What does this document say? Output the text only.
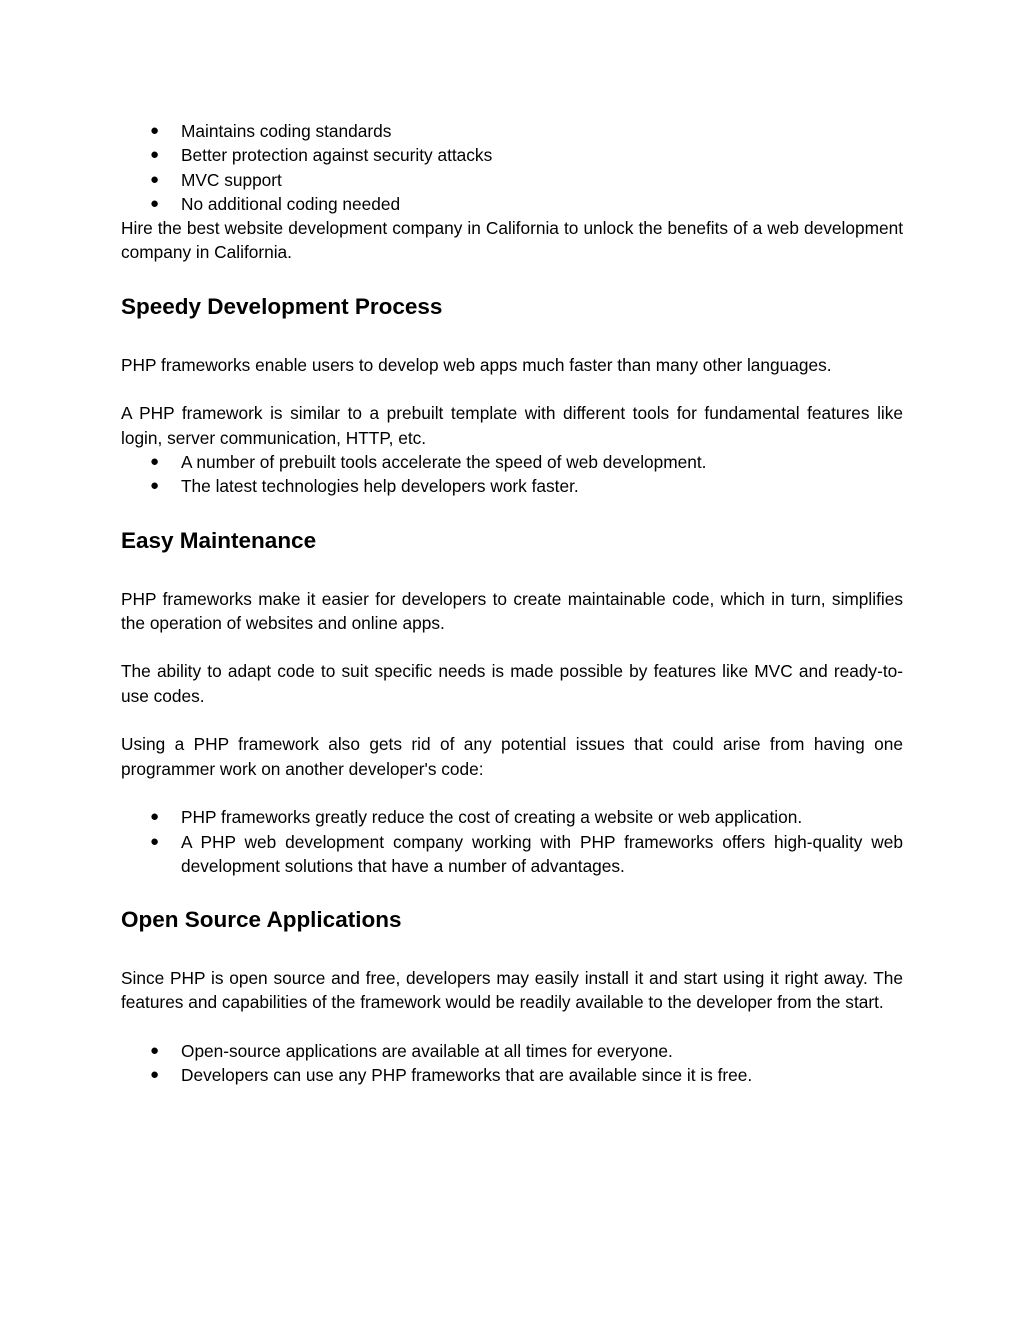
● Maintains coding standards
● Better protection against security attacks
● MVC support
● No additional coding needed

Hire the best website development company in California to unlock the benefits of a web development company in California.

Speedy Development Process

PHP frameworks enable users to develop web apps much faster than many other languages.

A PHP framework is similar to a prebuilt template with different tools for fundamental features like login, server communication, HTTP, etc.

● A number of prebuilt tools accelerate the speed of web development.
● The latest technologies help developers work faster.
Easy Maintenance

PHP frameworks make it easier for developers to create maintainable code, which in turn, simplifies the operation of websites and online apps.

The ability to adapt code to suit specific needs is made possible by features like MVC and ready-to-use codes.

Using a PHP framework also gets rid of any potential issues that could arise from having one programmer work on another developer's code:

● PHP frameworks greatly reduce the cost of creating a website or web application.
● A PHP web development company working with PHP frameworks offers high-quality web development solutions that have a number of advantages.
Open Source Applications

Since PHP is open source and free, developers may easily install it and start using it right away. The features and capabilities of the framework would be readily available to the developer from the start.

● Open-source applications are available at all times for everyone.
● Developers can use any PHP frameworks that are available since it is free.
